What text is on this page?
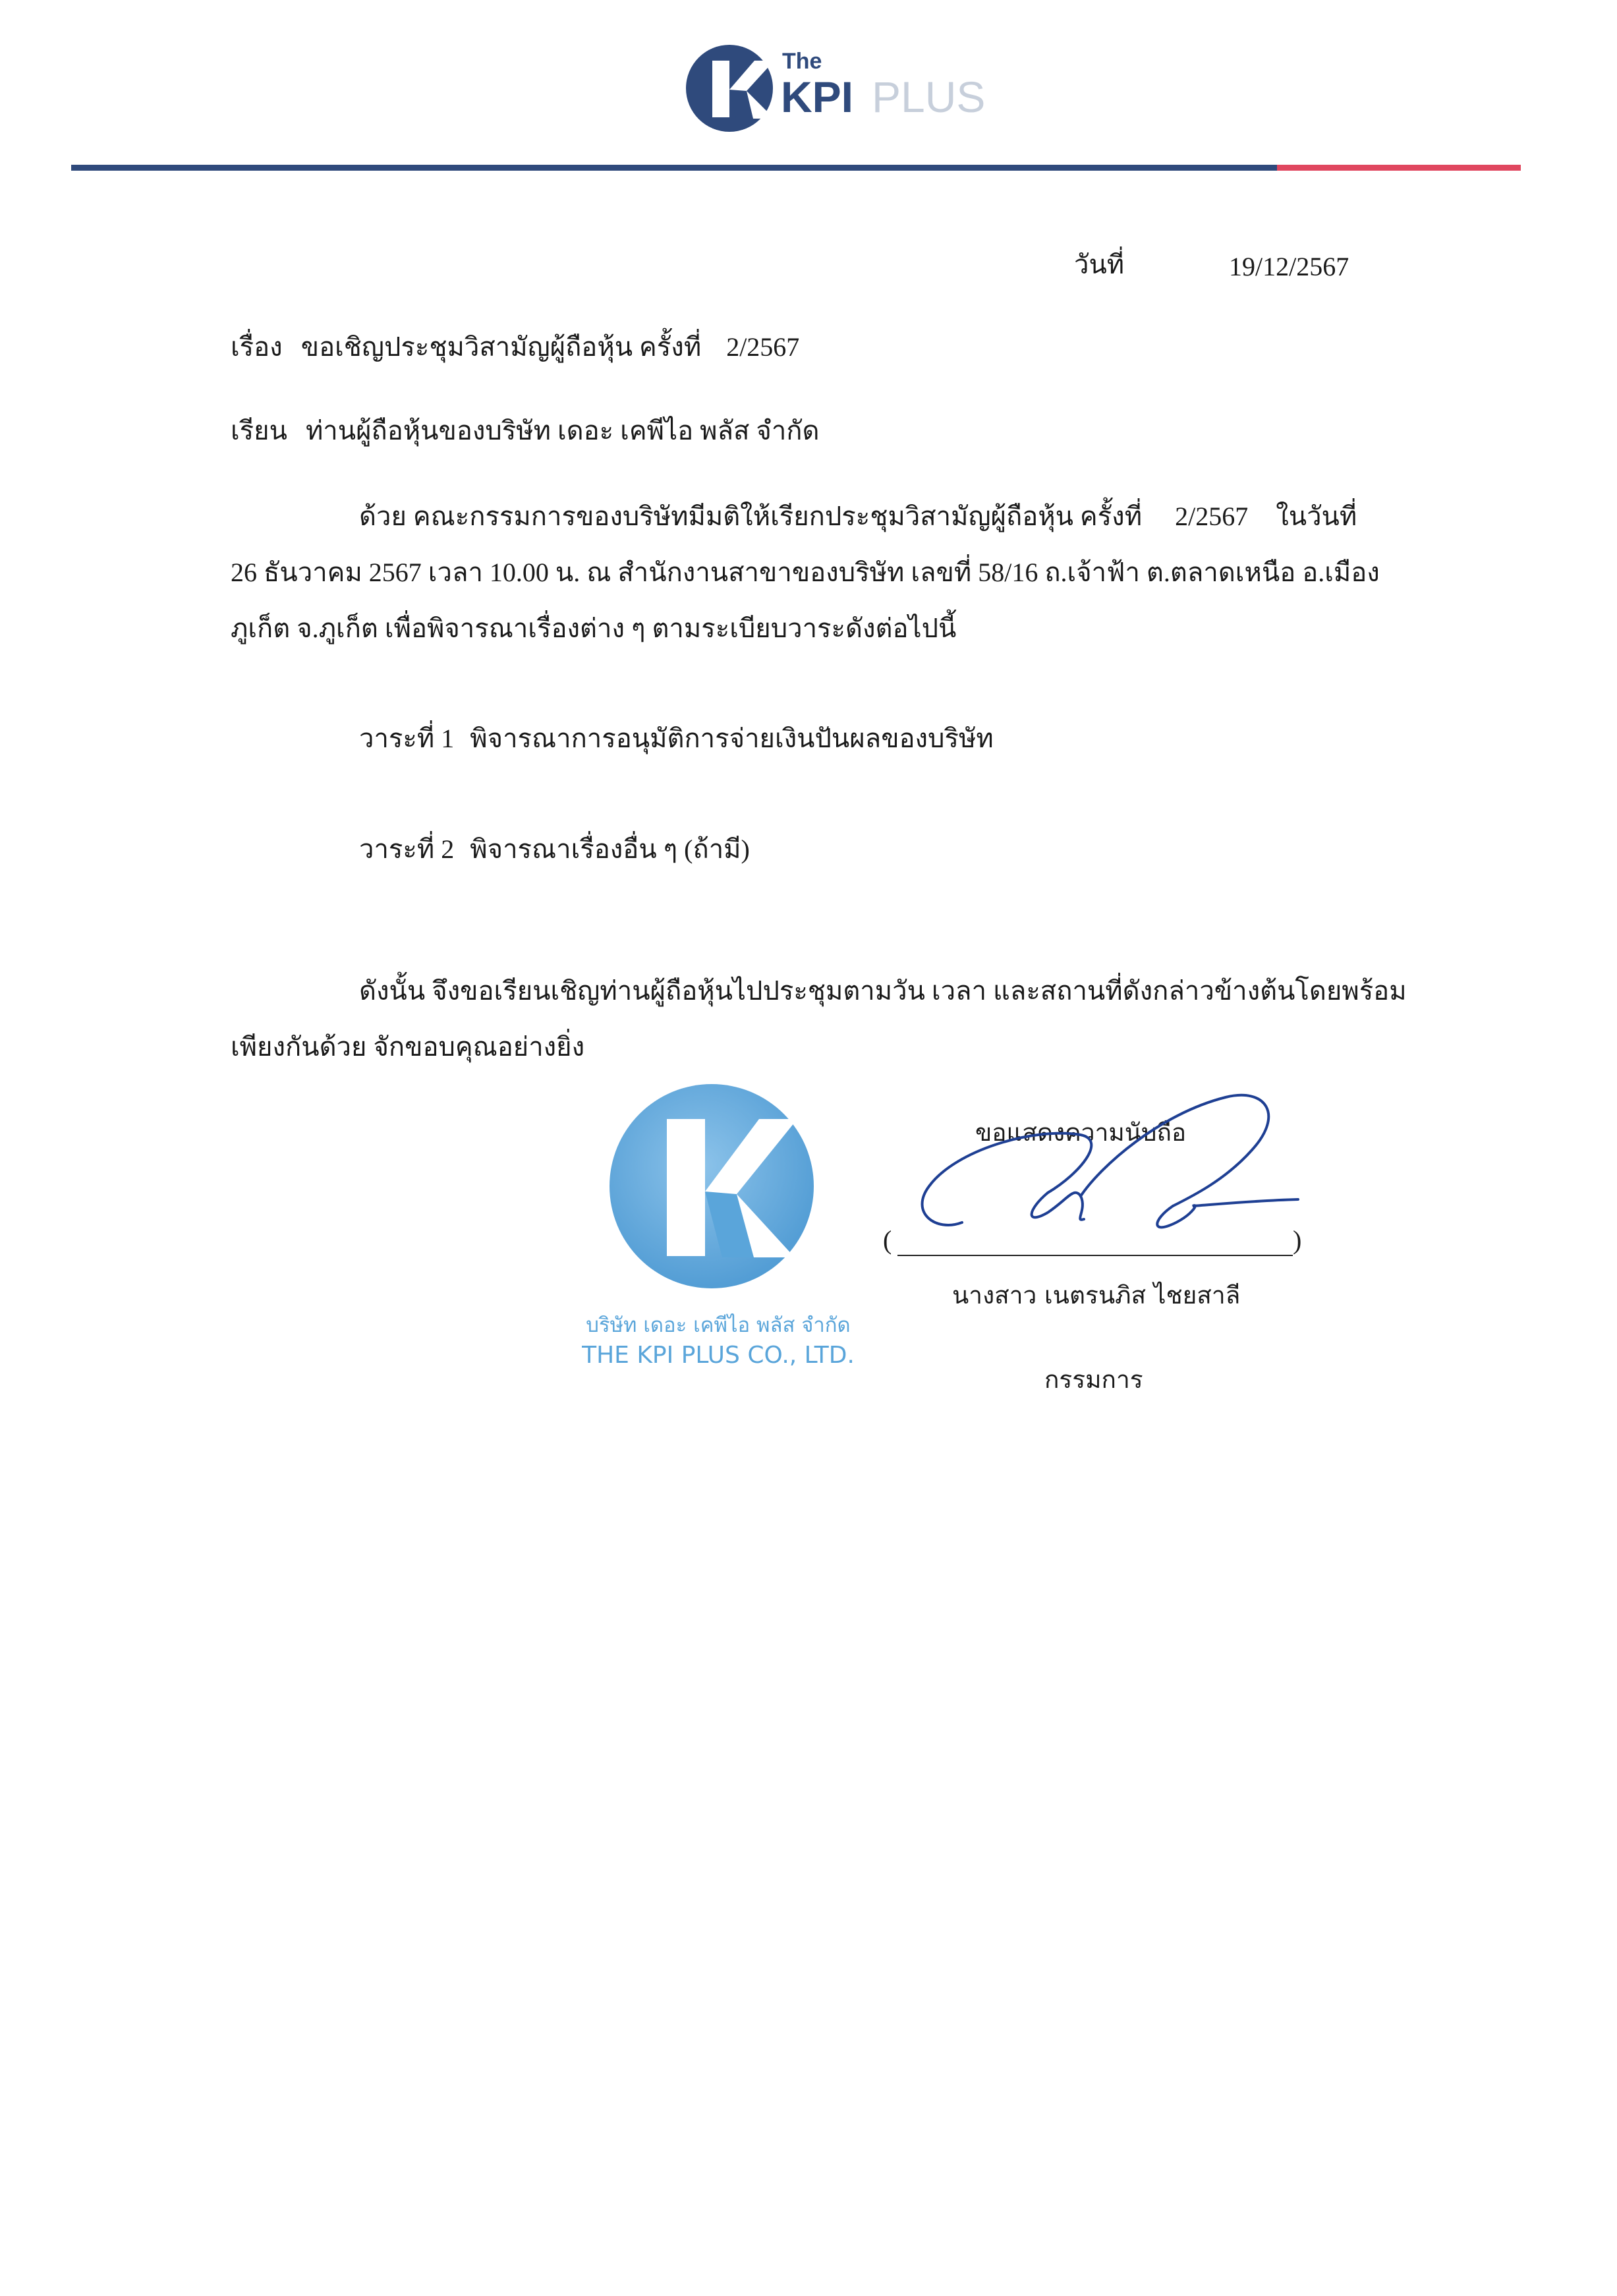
The
KPI PLUS
วันที่	19/12/2567
เรื่อง ขอเชิญประชุมวิสามัญผู้ถือหุ้น ครั้งที่ 2/2567
เรียน ท่านผู้ถือหุ้นของบริษัท เดอะ เคพีไอ พลัส จำกัด
ด้วย คณะกรรมการของบริษัทมีมติให้เรียกประชุมวิสามัญผู้ถือหุ้น ครั้งที่ 2/2567 ในวันที่
26 ธันวาคม 2567 เวลา 10.00 น. ณ สำนักงานสาขาของบริษัท เลขที่ 58/16 ถ.เจ้าฟ้า ต.ตลาดเหนือ อ.เมือง
ภูเก็ต จ.ภูเก็ต เพื่อพิจารณาเรื่องต่าง ๆ ตามระเบียบวาระดังต่อไปนี้
วาระที่ 1 พิจารณาการอนุมัติการจ่ายเงินปันผลของบริษัท
วาระที่ 2 พิจารณาเรื่องอื่น ๆ (ถ้ามี)
ดังนั้น จึงขอเรียนเชิญท่านผู้ถือหุ้นไปประชุมตามวัน เวลา และสถานที่ดังกล่าวข้างต้นโดยพร้อม
เพียงกันด้วย จักขอบคุณอย่างยิ่ง
บริษัท เดอะ เคพีไอ พลัส จำกัด
THE KPI PLUS CO., LTD.
ขอแสดงความนับถือ
(	)
นางสาว เนตรนภิส ไชยสาลี
กรรมการ
